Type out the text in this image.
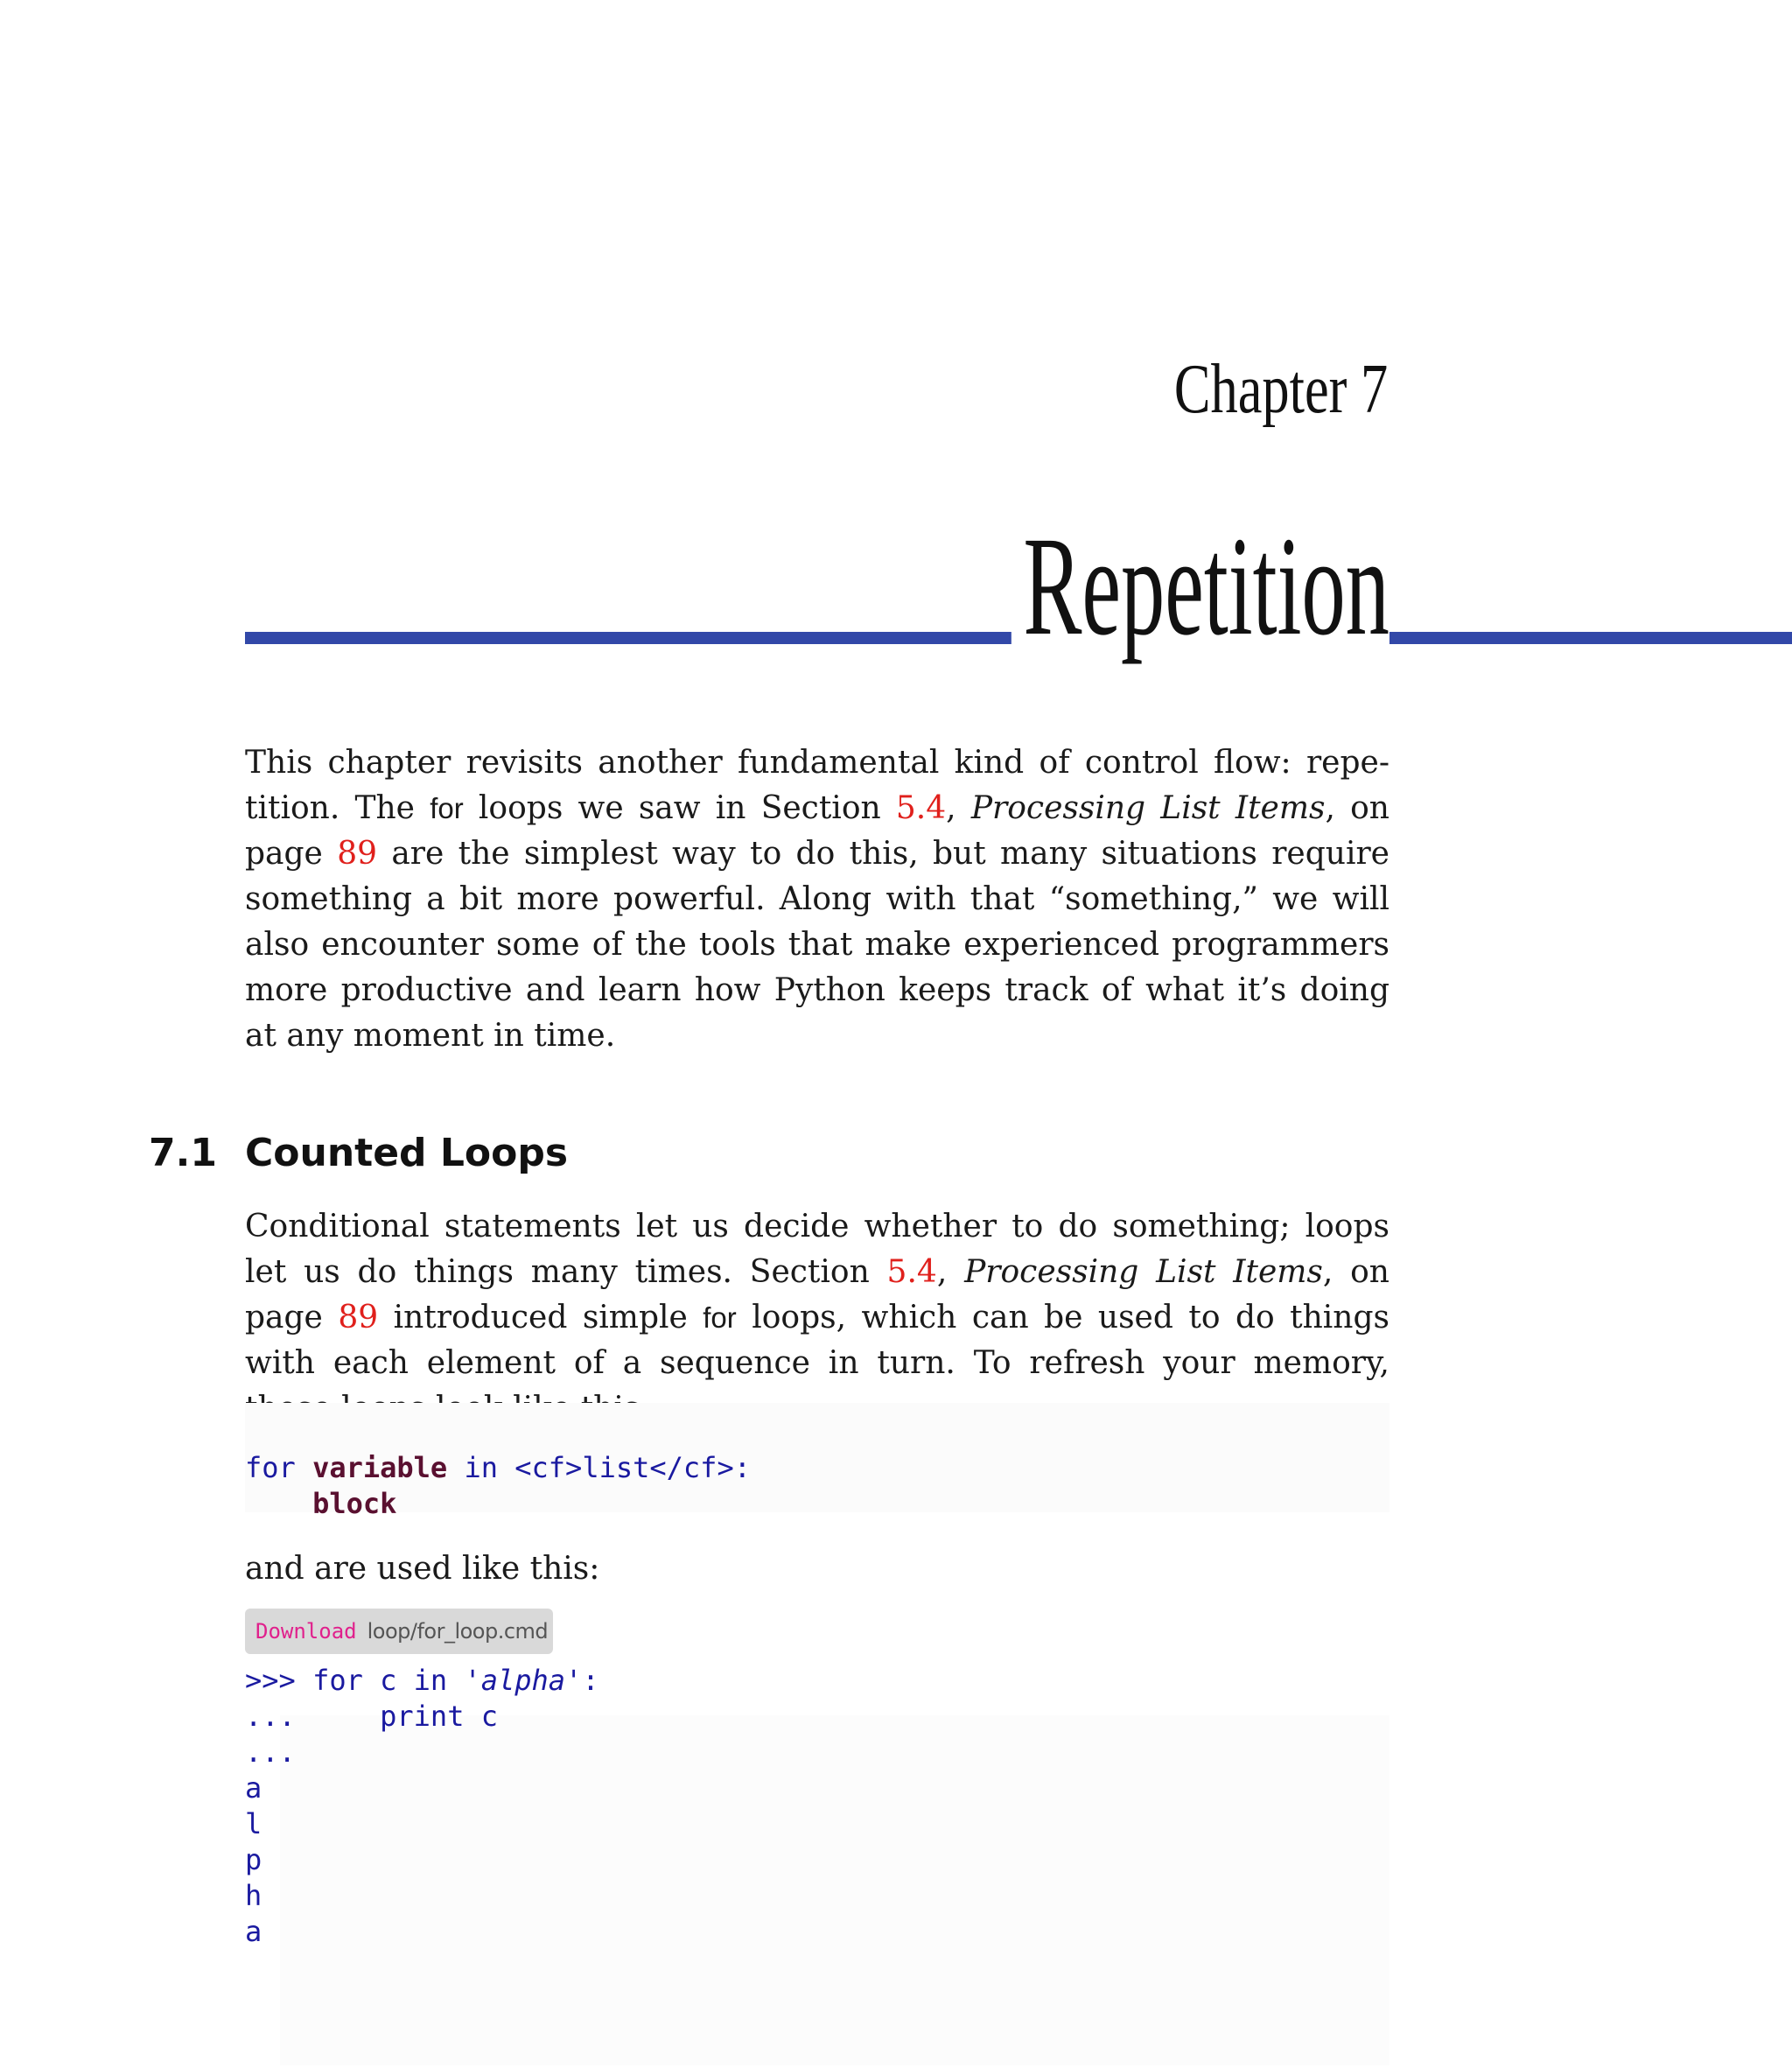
Chapter 7
Repetition

This chapter revisits another fundamental kind of control flow: repe-tition. The for loops we saw in Section 5.4, Processing List Items, on page 89 are the simplest way to do this, but many situations require something a bit more powerful. Along with that “something,” we will also encounter some of the tools that make experienced programmers more productive and learn how Python keeps track of what it’s doing at any moment in time.

7.1 Counted Loops

Conditional statements let us decide whether to do something; loops let us do things many times. Section 5.4, Processing List Items, on page 89 introduced simple for loops, which can be used to do things with each element of a sequence in turn. To refresh your memory,

for variable in <cf>list</cf>:
block

and are used like this:

Download loop/for_loop.cmd
>>> for c in 'alpha':
...     print c
...
a
l
p
h
a
